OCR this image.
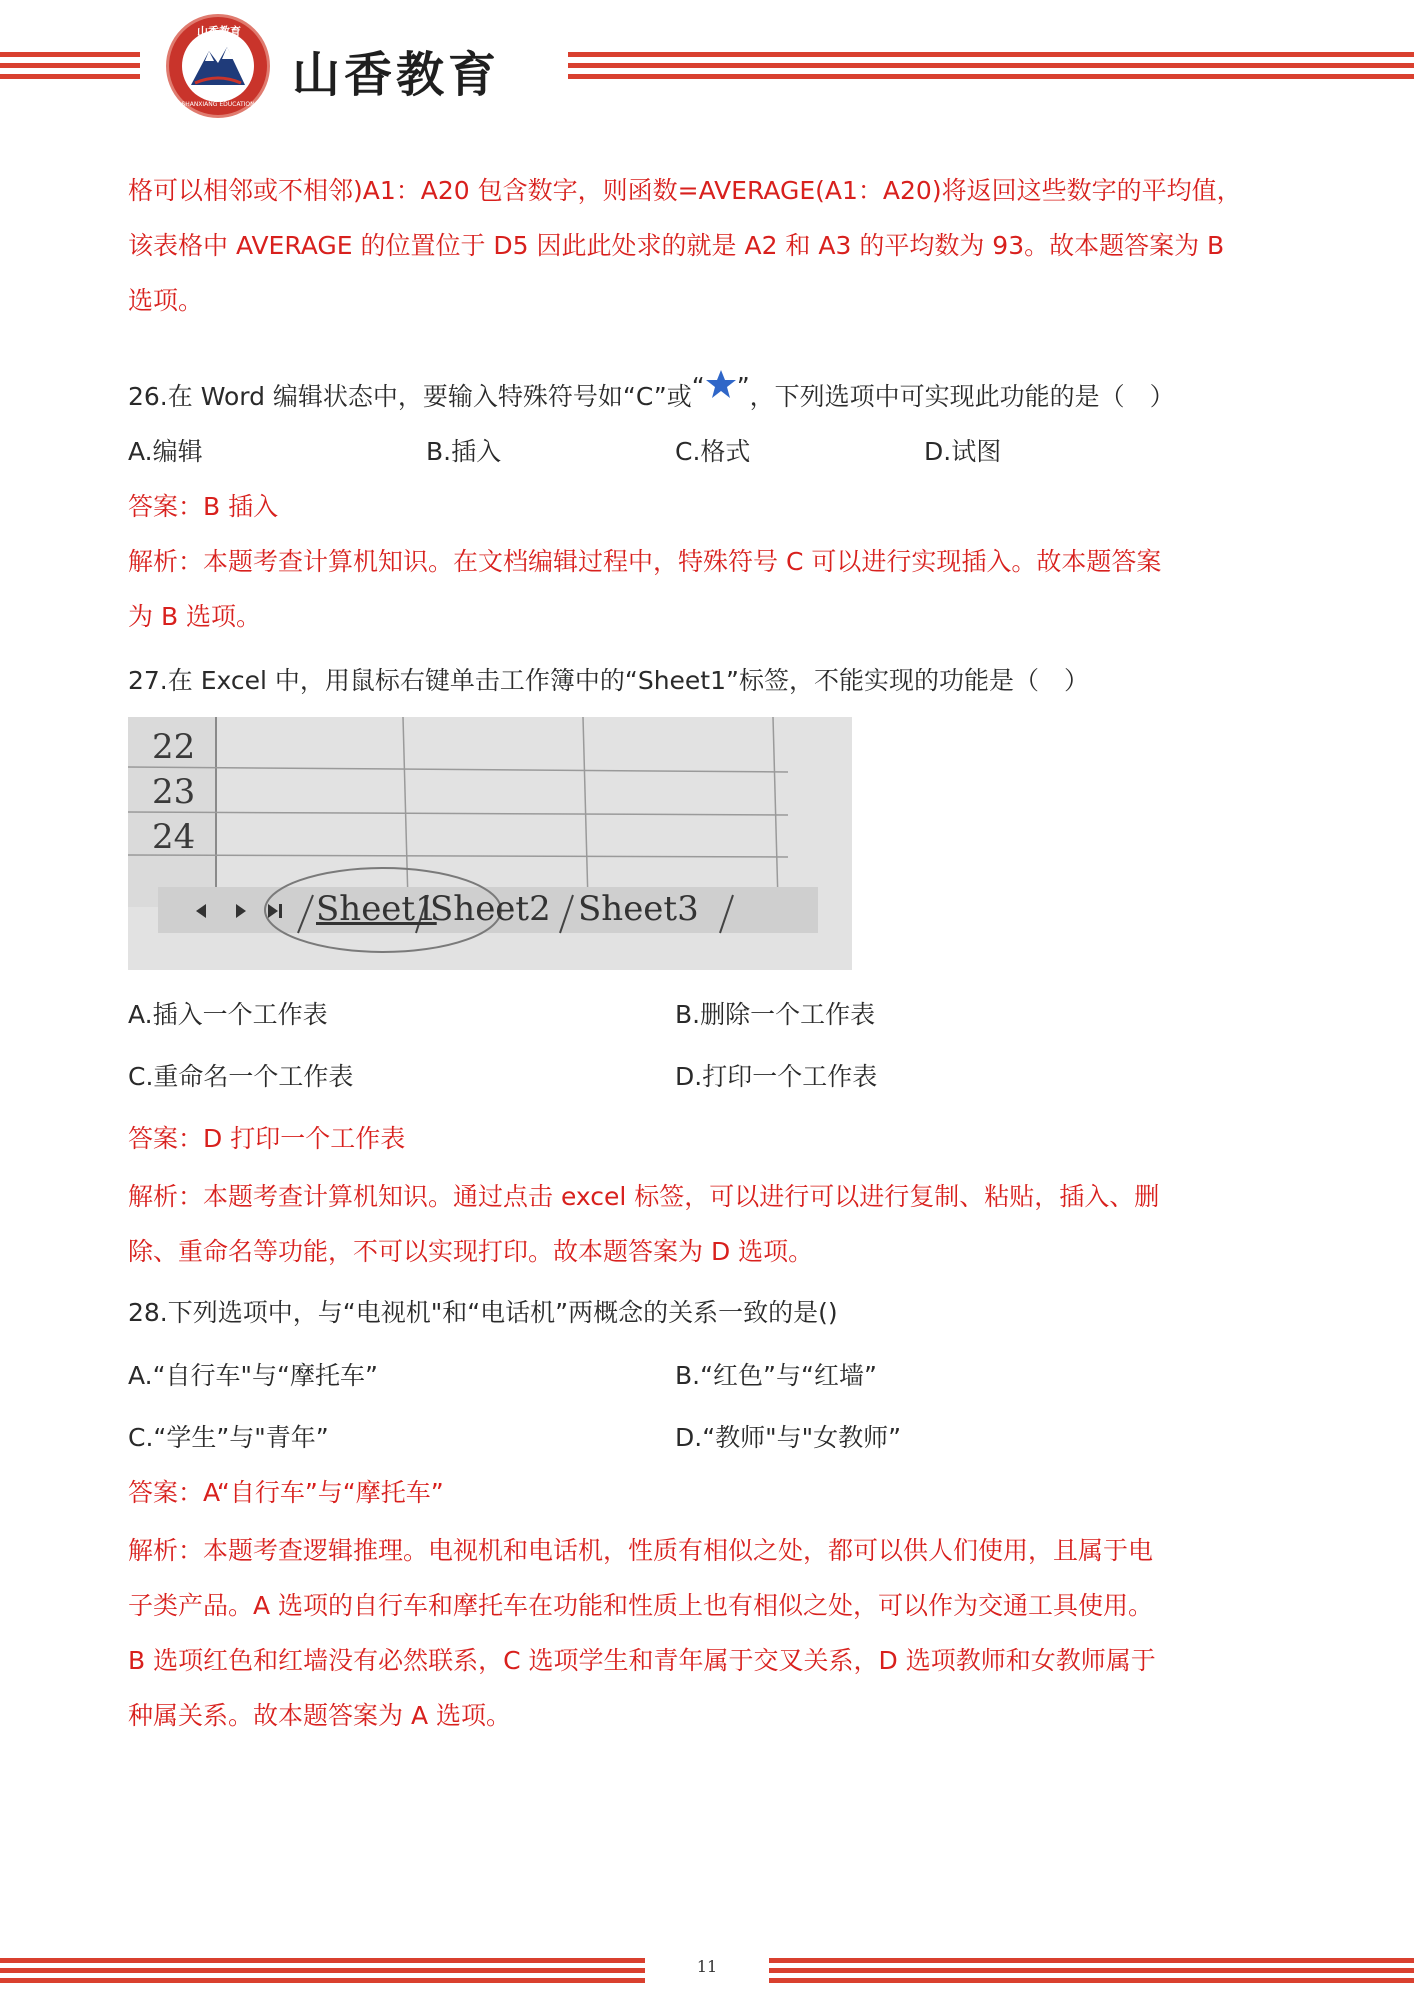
山香教育
SHANXIANG EDUCATION
山香教育
格可以相邻或不相邻)A1：A20 包含数字，则函数=AVERAGE(A1：A20)将返回这些数字的平均值，
该表格中 AVERAGE 的位置位于 D5 因此此处求的就是 A2 和 A3 的平均数为 93。故本题答案为 B
选项。
26.在 Word 编辑状态中，要输入特殊符号如“C”或“ ”，下列选项中可实现此功能的是（　）
A.编辑	B.插入	C.格式	D.试图
答案：B 插入
解析：本题考查计算机知识。在文档编辑过程中，特殊符号 C 可以进行实现插入。故本题答案
为 B 选项。
27.在 Excel 中，用鼠标右键单击工作簿中的“Sheet1”标签，不能实现的功能是（　）
22
23
24
Sheet1
Sheet2 Sheet3
A.插入一个工作表	B.删除一个工作表
C.重命名一个工作表	D.打印一个工作表
答案：D 打印一个工作表
解析：本题考查计算机知识。通过点击 excel 标签，可以进行可以进行复制、粘贴，插入、删
除、重命名等功能，不可以实现打印。故本题答案为 D 选项。
28.下列选项中，与“电视机"和“电话机”两概念的关系一致的是()
A.“自行车"与“摩托车”	B.“红色”与“红墙”
C.“学生”与"青年”	D.“教师"与"女教师”
答案：A“自行车”与“摩托车”
解析：本题考查逻辑推理。电视机和电话机，性质有相似之处，都可以供人们使用，且属于电
子类产品。A 选项的自行车和摩托车在功能和性质上也有相似之处，可以作为交通工具使用。
B 选项红色和红墙没有必然联系，C 选项学生和青年属于交叉关系，D 选项教师和女教师属于
种属关系。故本题答案为 A 选项。
11
